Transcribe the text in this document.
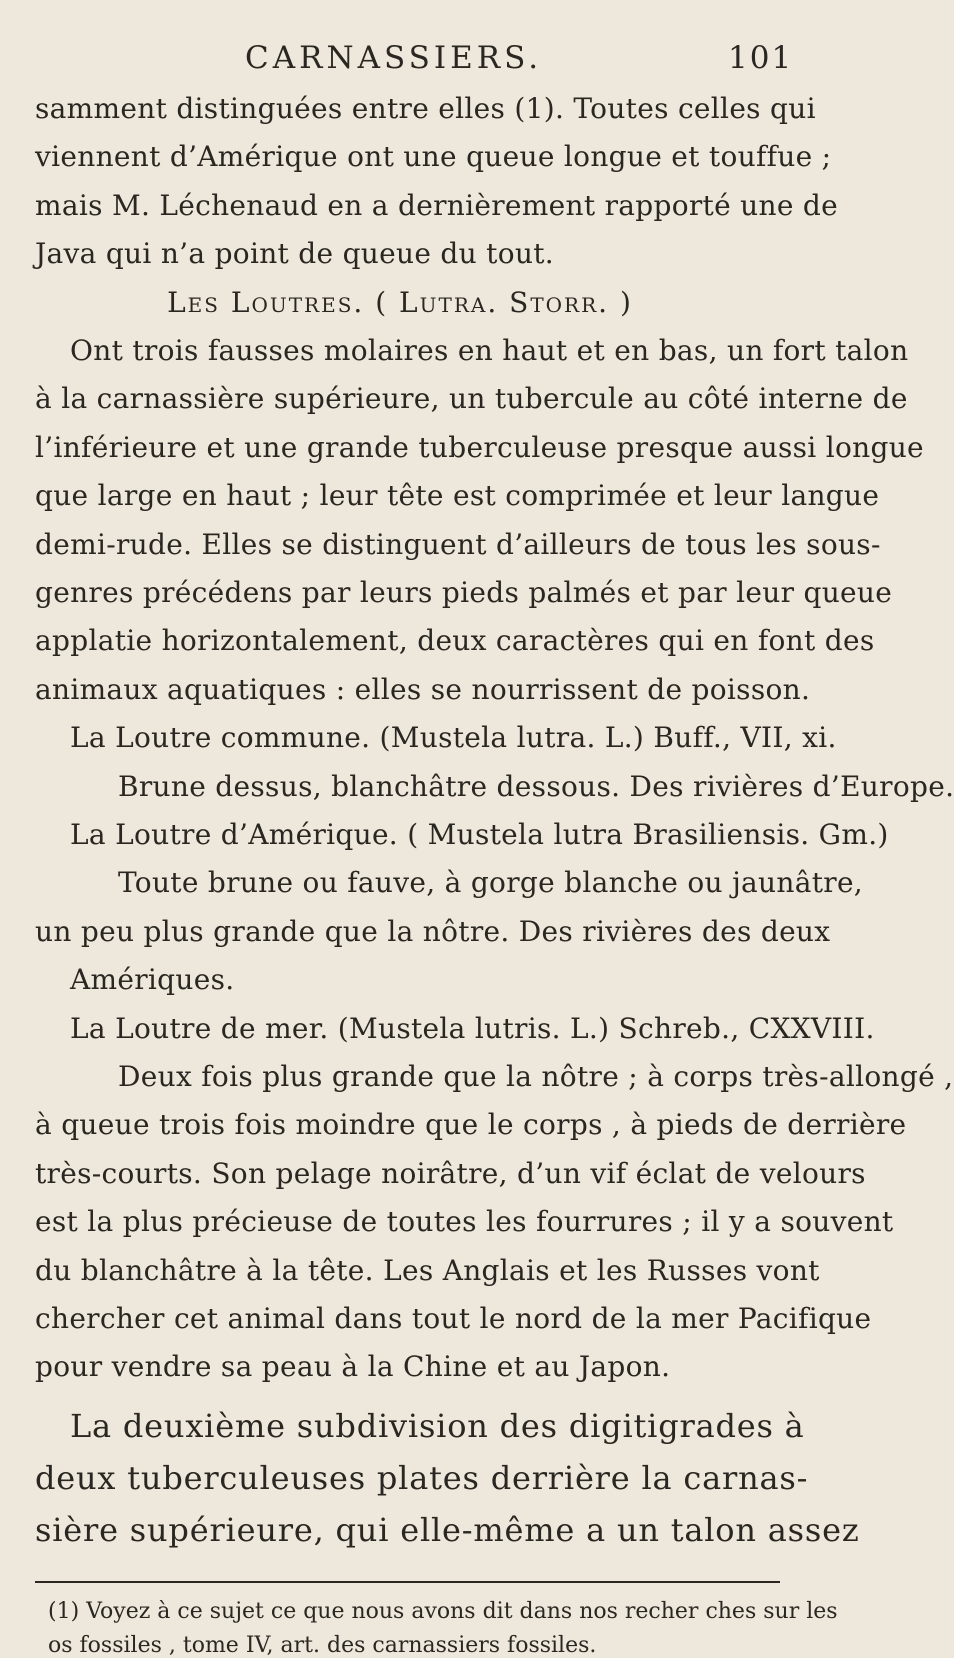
CARNASSIERS.	101
samment distinguées entre elles (1). Toutes celles qui
viennent d’Amérique ont une queue longue et touffue ;
mais M. Léchenaud en a dernièrement rapporté une de
Java qui n’a point de queue du tout.
Les Loutres. ( Lutra. Storr. )
Ont trois fausses molaires en haut et en bas, un fort talon
à la carnassière supérieure, un tubercule au côté interne de
l’inférieure et une grande tuberculeuse presque aussi longue
que large en haut ; leur tête est comprimée et leur langue
demi-rude. Elles se distinguent d’ailleurs de tous les sous-
genres précédens par leurs pieds palmés et par leur queue
applatie horizontalement, deux caractères qui en font des
animaux aquatiques : elles se nourrissent de poisson.
La Loutre commune. (Mustela lutra. L.) Buff., VII, xi.
Brune dessus, blanchâtre dessous. Des rivières d’Europe.
La Loutre d’Amérique. ( Mustela lutra Brasiliensis. Gm.)
Toute brune ou fauve, à gorge blanche ou jaunâtre,
un peu plus grande que la nôtre. Des rivières des deux
Amériques.
La Loutre de mer. (Mustela lutris. L.) Schreb., CXXVIII.
Deux fois plus grande que la nôtre ; à corps très-allongé ,
à queue trois fois moindre que le corps , à pieds de derrière
très-courts. Son pelage noirâtre, d’un vif éclat de velours
est la plus précieuse de toutes les fourrures ; il y a souvent
du blanchâtre à la tête. Les Anglais et les Russes vont
chercher cet animal dans tout le nord de la mer Pacifique
pour vendre sa peau à la Chine et au Japon.
La deuxième subdivision des digitigrades à
deux tuberculeuses plates derrière la carnas-
sière supérieure, qui elle-même a un talon assez
(1) Voyez à ce sujet ce que nous avons dit dans nos recher ches sur les
os fossiles , tome IV, art. des carnassiers fossiles.
